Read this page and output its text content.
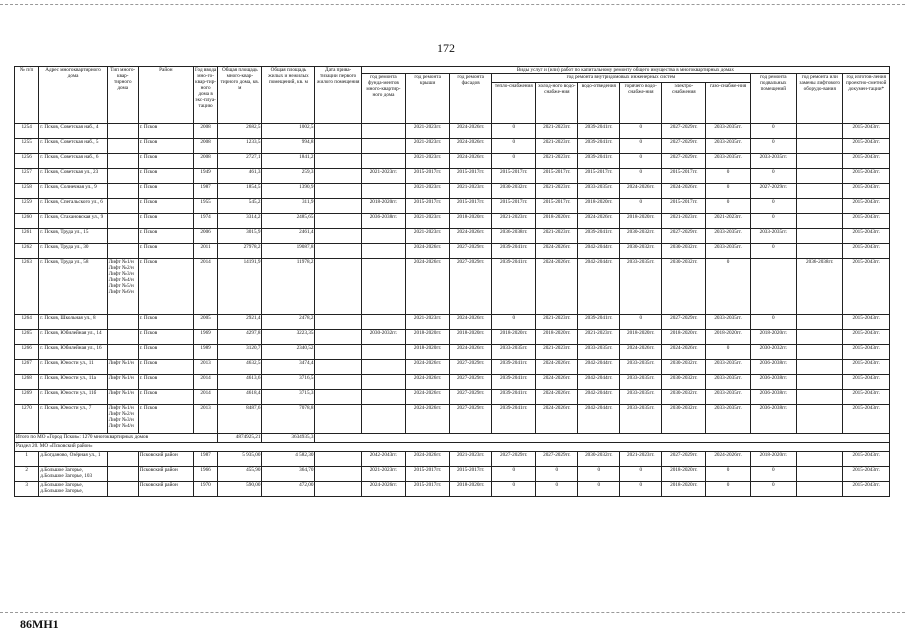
172
№ п/п	Адрес многоквартирного дома	Тип много-квар-тирного дома	Район	Год ввода мно-го-квар-тир-ного дома в экс-плуа-тацию	Общая площадь много-квар-тирного дома, кв. м	Общая площадь жилых и нежилых помещений, кв. м	Дата прива-тизации первого жилого помещения	Виды услуг и (или) работ по капитальному ремонту общего имущества в многоквартирных домах											
								год ремонта фунда-ментов много-квартир-ного дома	год ремонта крыши	год ремонта фасадов	год ремонта внутридомовых инженерных систем						год ремонта подвальных помещений	год ремонта или замены лифтового оборудо-вания	год изготов-ления проектно-сметной докумен-тации*
											тепло-снабжения	холод-ного водо-снабже-ния	водо-отведения	горячего водо-снабже-ния	электро-снабжения	газо-снабже-ния			
1254	г. Псков, Советская наб., 4		г. Псков	2008	2682,5	1002,5			2021-2023гг.	2024-2026гг.	0	2021-2023гг.	2039-2041гг.	0	2027-2029гг.	2033-2035гг.	0		2015-2043гг.
1255	г. Псков, Советская наб., 5		г. Псков	2008	1233,5	994,8			2021-2023гг.	2024-2026гг.	0	2021-2023гг.	2039-2041гг.	0	2027-2029гг.	2033-2035гг.	0		2015-2043гг.
1256	г. Псков, Советская наб., 6		г. Псков	2008	2727,1	1841,2			2021-2023гг.	2024-2026гг.	0	2021-2023гг.	2039-2041гг.	0	2027-2029гг.	2033-2035гг.	2033-2035гг.		2015-2043гг.
1257	г. Псков, Советская ул., 23		г. Псков	1949	461,3	259,3		2021-2023гг.	2015-2017гг.	2015-2017гг.	2015-2017гг.	2015-2017гг.	2015-2017гг.	0	2015-2017гг.	0	0		2015-2043гг.
1258	г. Псков, Солнечная ул., 9		г. Псков	1987	1854,5	1390,9			2021-2023гг.	2021-2023гг.	2030-2032гг.	2021-2023гг.	2033-2035гг.	2024-2026гг.	2024-2026гг.	0	2027-2029гг.		2015-2043гг.
1259	г. Псков, Спегальского ул., 6		г. Псков	1955	545,2	311,9		2018-2020гг.	2015-2017гг.	2015-2017гг.	2015-2017гг.	2015-2017гг.	2018-2020гг.	0	2015-2017гг.	0	0		2015-2043гг.
1260	г. Псков, Стахановская ул., 9		г. Псков	1974	3314,2	2485,65		2036-2038гг.	2021-2023гг.	2018-2020гг.	2021-2023гг.	2018-2020гг.	2024-2026гг.	2018-2020гг.	2021-2023гг.	2021-2023гг.	0		2015-2043гг.
1261	г. Псков, Труда ул., 15		г. Псков	2006	3015,9	2461,4			2021-2023гг.	2024-2026гг.	2036-2038гг.	2021-2023гг.	2039-2041гг.	2030-2032гг.	2027-2029гг.	2033-2035гг.	2033-2035гг.		2015-2043гг.
1262	г. Псков, Труда ул., 30		г. Псков	2011	27978,2	19087,8			2024-2026гг.	2027-2029гг.	2039-2041гг.	2024-2026гг.	2042-2044гг.	2030-2032гг.	2030-2032гг.	2033-2035гг.	0		2015-2043гг.
1263	г. Псков, Труда ул., 58	Лифт №1/н Лифт №2/н Лифт №3/н Лифт №4/н Лифт №5/н Лифт №6/н	г. Псков	2014	14191,9	11978,2			2024-2026гг.	2027-2029гг.	2039-2041гг.	2024-2026гг.	2042-2044гг.	2033-2035гг.	2030-2032гг.	0		2036-2038гг.	2015-2043гг.
1264	г. Псков, Школьная ул., 8		г. Псков	2005	2921,4	2478,2			2021-2023гг.	2024-2026гг.	0	2021-2023гг.	2039-2041гг.	0	2027-2029гг.	2033-2035гг.	0		2015-2043гг.
1265	г. Псков, Юбилейная ул., 14		г. Псков	1969	4297,8	3223,35		2030-2032гг.	2018-2020гг.	2018-2020гг.	2018-2020гг.	2018-2020гг.	2021-2023гг.	2018-2020гг.	2018-2020гг.	2018-2020гг.	2018-2020гг.		2015-2043гг.
1266	г. Псков, Юбилейная ул., 16		г. Псков	1989	3120,7	2340,52			2018-2020гг.	2024-2026гг.	2033-2035гг.	2021-2023гг.	2033-2035гг.	2024-2026гг.	2024-2026гг.	0	2030-2032гг.		2015-2043гг.
1267	г. Псков, Юности ул., 11	Лифт №1/н	г. Псков	2013	4632,5	3474,4			2024-2026гг.	2027-2029гг.	2039-2041гг.	2024-2026гг.	2042-2044гг.	2033-2035гг.	2030-2032гг.	2033-2035гг.	2036-2038гг.		2015-2043гг.
1268	г. Псков, Юности ул., 11а	Лифт №1/н	г. Псков	2014	4613,6	3716,5			2024-2026гг.	2027-2029гг.	2039-2041гг.	2024-2026гг.	2042-2044гг.	2033-2035гг.	2030-2032гг.	2033-2035гг.	2036-2038гг.		2015-2043гг.
1269	г. Псков, Юности ул., 11б	Лифт №1/н	г. Псков	2014	4618,4	3715,3			2024-2026гг.	2027-2029гг.	2039-2041гг.	2024-2026гг.	2042-2044гг.	2033-2035гг.	2030-2032гг.	2033-2035гг.	2036-2038гг.		2015-2043гг.
1270	г. Псков, Юности ул., 7	Лифт №1/н Лифт №2/н Лифт №3/н Лифт №4/н	г. Псков	2013	8487,6	7078,8			2024-2026гг.	2027-2029гг.	2039-2041гг.	2024-2026гг.	2042-2044гг.	2033-2035гг.	2030-2032гг.	2033-2035гг.	2036-2038гг.		2015-2043гг.
Итого по МО «Город Псков»: 1270 многоквартирных домов					4874925,21	3634935,3													
Раздел 20. МО «Псковский район»																			
1	д.Богданово, Озёрная ул., 1		Псковский район	1987	5 935,00	4 582,30		2042-2043гг.	2024-2026гг.	2021-2023гг.	2027-2029гг.	2027-2029гг.	2030-2032гг.	2021-2023гг.	2027-2029гг.	2024-2026гг.	2018-2020гг.		2015-2043гг.
2	д.Большое Загорье, д.Большое Загорье, 103		Псковский район	1966	455,90	364,70		2021-2023гг.	2015-2017гг.	2015-2017гг.	0	0	0	0	2018-2020гг.	0	0		2015-2043гг.
3	д.Большое Загорье, д.Большое Загорье,		Псковский район	1970	590,00	472,00		2024-2026гг.	2015-2017гг.	2018-2020гг.	0	0	0	0	2018-2020гг.	0	0		2015-2043гг.
86МН1
